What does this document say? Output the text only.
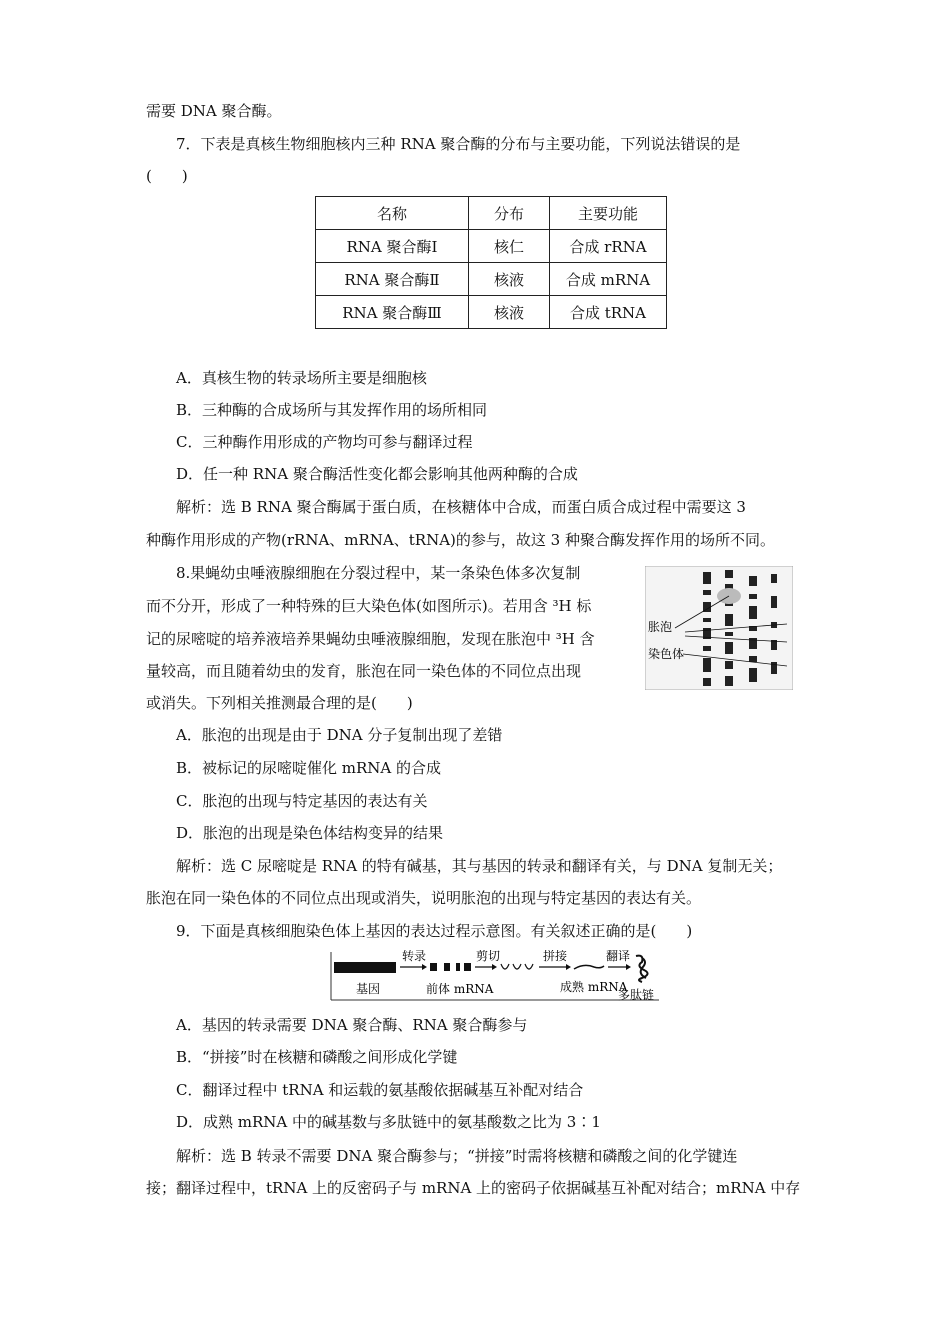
需要 DNA 聚合酶。
7．下表是真核生物细胞核内三种 RNA 聚合酶的分布与主要功能，下列说法错误的是
(　　)
名称	分布	主要功能
RNA 聚合酶Ⅰ	核仁	合成 rRNA
RNA 聚合酶Ⅱ	核液	合成 mRNA
RNA 聚合酶Ⅲ	核液	合成 tRNA
A．真核生物的转录场所主要是细胞核
B．三种酶的合成场所与其发挥作用的场所相同
C．三种酶作用形成的产物均可参与翻译过程
D．任一种 RNA 聚合酶活性变化都会影响其他两种酶的合成
解析：选 B RNA 聚合酶属于蛋白质，在核糖体中合成，而蛋白质合成过程中需要这 3
种酶作用形成的产物(rRNA、mRNA、tRNA)的参与，故这 3 种聚合酶发挥作用的场所不同。
8.果蝇幼虫唾液腺细胞在分裂过程中，某一条染色体多次复制
而不分开，形成了一种特殊的巨大染色体(如图所示)。若用含 ³H 标
记的尿嘧啶的培养液培养果蝇幼虫唾液腺细胞，发现在胀泡中 ³H 含
量较高，而且随着幼虫的发育，胀泡在同一染色体的不同位点出现
或消失。下列相关推测最合理的是(　　)
胀泡
染色体
A．胀泡的出现是由于 DNA 分子复制出现了差错
B．被标记的尿嘧啶催化 mRNA 的合成
C．胀泡的出现与特定基因的表达有关
D．胀泡的出现是染色体结构变异的结果
解析：选 C 尿嘧啶是 RNA 的特有碱基，其与基因的转录和翻译有关，与 DNA 复制无关；
胀泡在同一染色体的不同位点出现或消失，说明胀泡的出现与特定基因的表达有关。
9．下面是真核细胞染色体上基因的表达过程示意图。有关叙述正确的是(　　)
转录	剪切	拼接	翻译
基因	前体 mRNA	成熟 mRNA
多肽链
A．基因的转录需要 DNA 聚合酶、RNA 聚合酶参与
B．“拼接”时在核糖和磷酸之间形成化学键
C．翻译过程中 tRNA 和运载的氨基酸依据碱基互补配对结合
D．成熟 mRNA 中的碱基数与多肽链中的氨基酸数之比为 3∶1
解析：选 B 转录不需要 DNA 聚合酶参与；“拼接”时需将核糖和磷酸之间的化学键连
接；翻译过程中，tRNA 上的反密码子与 mRNA 上的密码子依据碱基互补配对结合；mRNA 中存
